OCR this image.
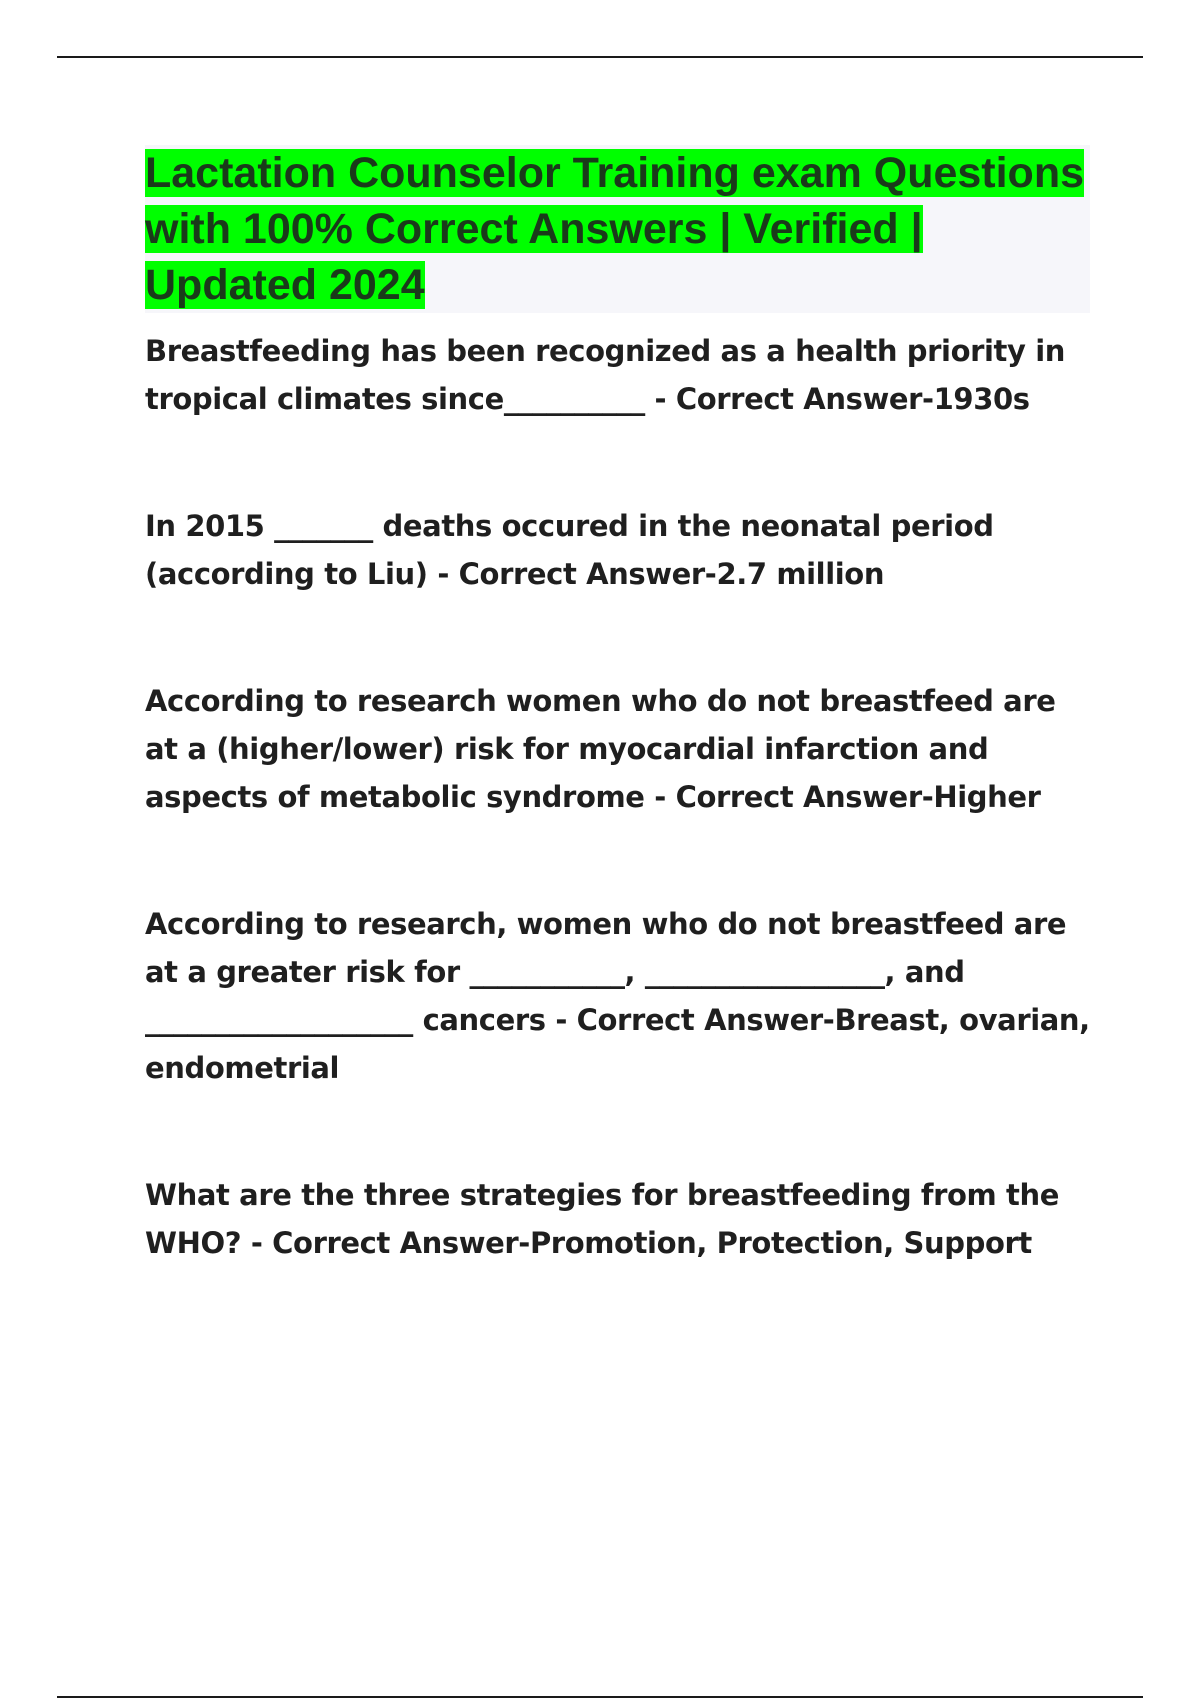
Lactation Counselor Training exam Questions with 100% Correct Answers | Verified | Updated 2024

Breastfeeding has been recognized as a health priority in tropical climates since__________ - Correct Answer-1930s

In 2015 _______ deaths occured in the neonatal period (according to Liu) - Correct Answer-2.7 million

According to research women who do not breastfeed are at a (higher/lower) risk for myocardial infarction and aspects of metabolic syndrome - Correct Answer-Higher

According to research, women who do not breastfeed are at a greater risk for ___________, _________________, and ___________________ cancers - Correct Answer-Breast, ovarian, endometrial

What are the three strategies for breastfeeding from the WHO? - Correct Answer-Promotion, Protection, Support
